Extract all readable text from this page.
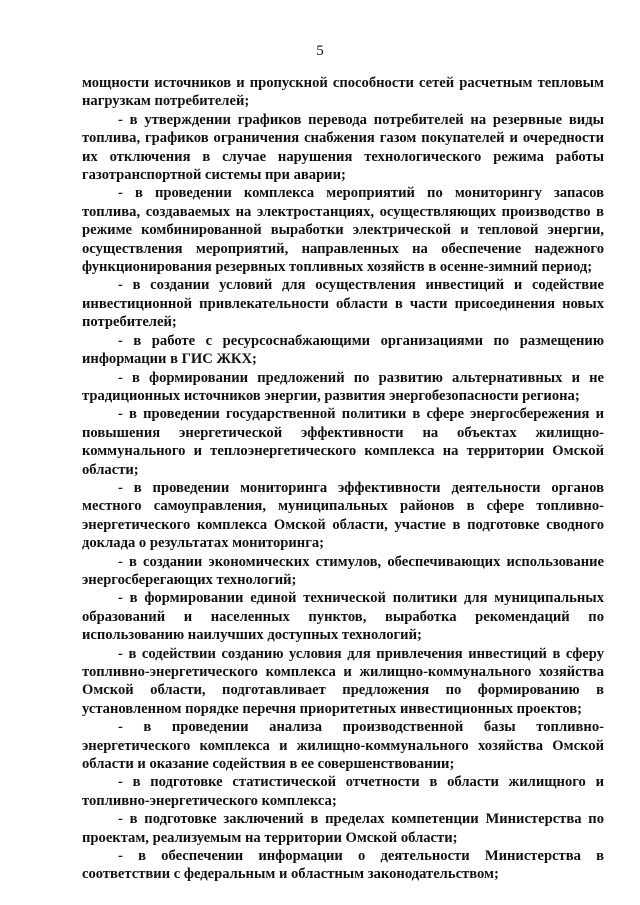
5

мощности источников и пропускной способности сетей расчетным тепловым нагрузкам потребителей;

- в утверждении графиков перевода потребителей на резервные виды топлива, графиков ограничения снабжения газом покупателей и очередности их отключения в случае нарушения технологического режима работы газотранспортной системы при аварии;

- в проведении комплекса мероприятий по мониторингу запасов топлива, создаваемых на электростанциях, осуществляющих производство в режиме комбинированной выработки электрической и тепловой энергии, осуществления мероприятий, направленных на обеспечение надежного функционирования резервных топливных хозяйств в осенне-зимний период;

- в создании условий для осуществления инвестиций и содействие инвестиционной привлекательности области в части присоединения новых потребителей;

- в работе с ресурсоснабжающими организациями по размещению информации в ГИС ЖКХ;

- в формировании предложений по развитию альтернативных и не традиционных источников энергии, развития энергобезопасности региона;

- в проведении государственной политики в сфере энергосбережения и повышения энергетической эффективности на объектах жилищно-коммунального и теплоэнергетического комплекса на территории Омской области;

- в проведении мониторинга эффективности деятельности органов местного самоуправления, муниципальных районов в сфере топливно-энергетического комплекса Омской области, участие в подготовке сводного доклада о результатах мониторинга;

- в создании экономических стимулов, обеспечивающих использование энергосберегающих технологий;

- в формировании единой технической политики для муниципальных образований и населенных пунктов, выработка рекомендаций по использованию наилучших доступных технологий;

- в содействии созданию условия для привлечения инвестиций в сферу топливно-энергетического комплекса и жилищно-коммунального хозяйства Омской области, подготавливает предложения по формированию в установленном порядке перечня приоритетных инвестиционных проектов;

- в проведении анализа производственной базы топливно-энергетического комплекса и жилищно-коммунального хозяйства Омской области и оказание содействия в ее совершенствовании;

- в подготовке статистической отчетности в области жилищного и топливно-энергетического комплекса;

- в подготовке заключений в пределах компетенции Министерства по проектам, реализуемым на территории Омской области;

- в обеспечении информации о деятельности Министерства в соответствии с федеральным и областным законодательством;
